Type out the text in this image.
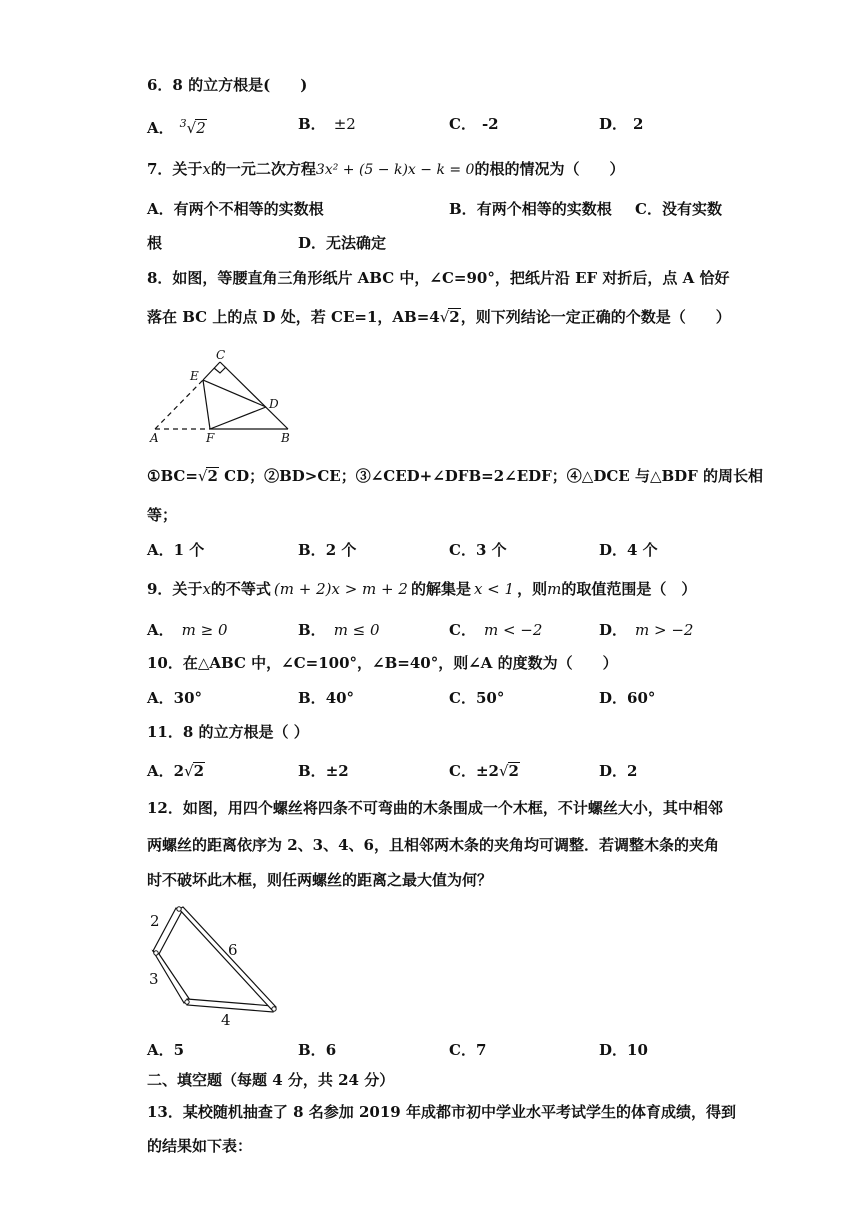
6．8 的立方根是(　　)
A． $^3$√2	B． ±2	C． -2	D． 2
7．关于x的一元二次方程3x² + (5 − k)x − k = 0的根的情况为（　　）
A．有两个不相等的实数根	B．有两个相等的实数根 C．没有实数
根	D．无法确定
8．如图，等腰直角三角形纸片 ABC 中，∠C=90°，把纸片沿 EF 对折后，点 A 恰好
落在 BC 上的点 D 处，若 CE=1，AB=4√2，则下列结论一定正确的个数是（　　）
C
E
D
A	F	B
①BC=√2 CD；②BD>CE；③∠CED+∠DFB=2∠EDF；④△DCE 与△BDF 的周长相
等；
A．1 个	B．2 个	C．3 个	D．4 个
9．关于x的不等式 (m + 2)x > m + 2 的解集是 x < 1 ，则m的取值范围是（　）
A． m ≥ 0	B． m ≤ 0	C． m < −2	D． m > −2
10．在△ABC 中，∠C=100°，∠B=40°，则∠A 的度数为（　　）
A．30°	B．40°	C．50°	D．60°
11．8 的立方根是（ ）
A．2√2	B．±2	C．±2√2	D．2
12．如图，用四个螺丝将四条不可弯曲的木条围成一个木框，不计螺丝大小，其中相邻
两螺丝的距离依序为 2、3、4、6，且相邻两木条的夹角均可调整．若调整木条的夹角
时不破坏此木框，则任两螺丝的距离之最大值为何？
2
3
4
6
A．5	B．6	C．7	D．10
二、填空题（每题 4 分，共 24 分）
13．某校随机抽查了 8 名参加 2019 年成都市初中学业水平考试学生的体育成绩，得到
的结果如下表：
